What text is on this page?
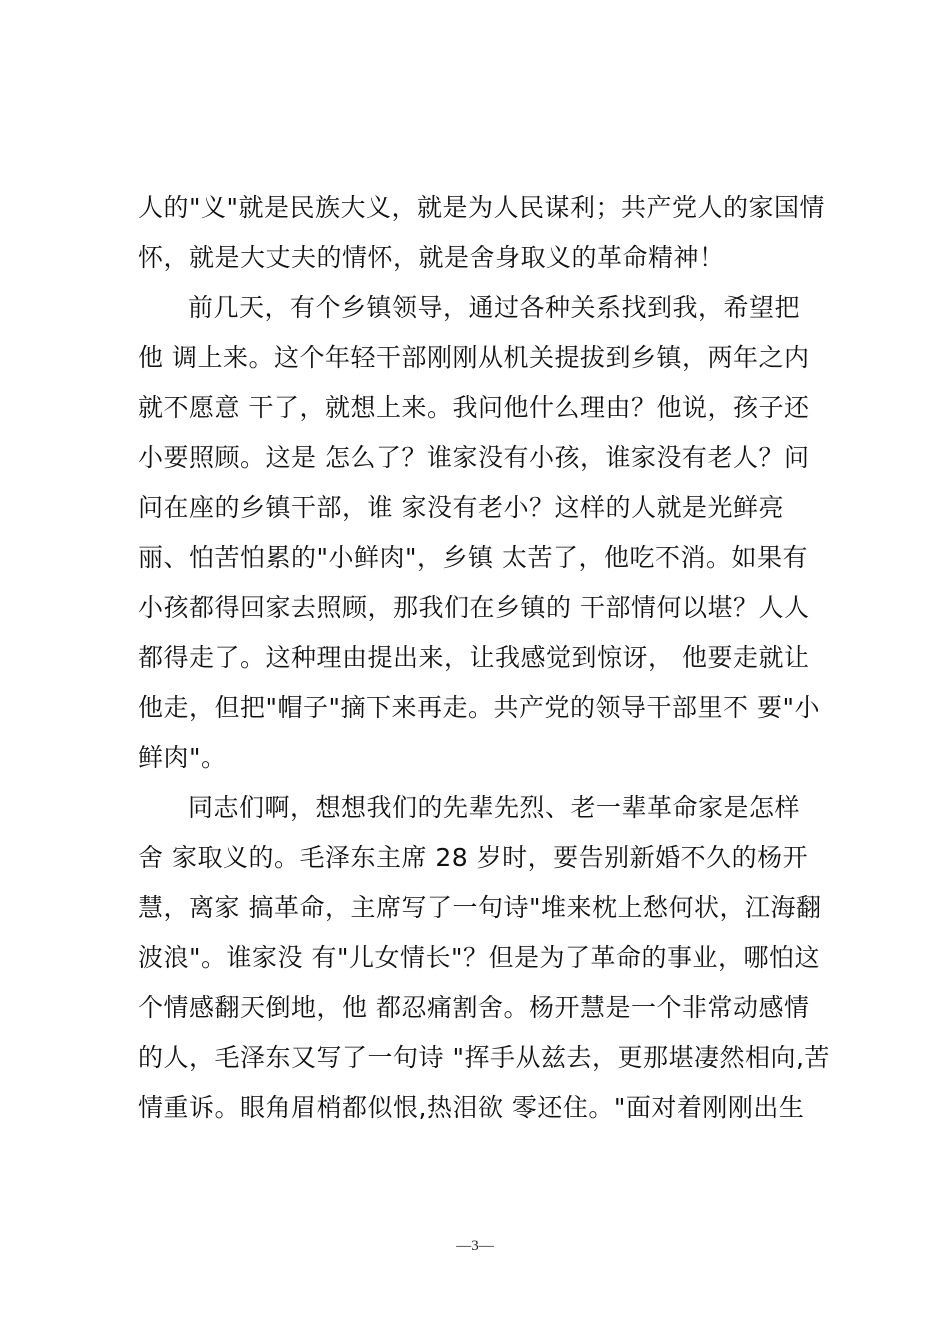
人的"义"就是民族大义，就是为人民谋利；共产党人的家国情
怀，就是大丈夫的情怀，就是舍身取义的革命精神！
前几天，有个乡镇领导，通过各种关系找到我，希望把
他 调上来。这个年轻干部刚刚从机关提拔到乡镇，两年之内
就不愿意 干了，就想上来。我问他什么理由？他说，孩子还
小要照顾。这是 怎么了？谁家没有小孩，谁家没有老人？问
问在座的乡镇干部，谁 家没有老小？这样的人就是光鲜亮
丽、怕苦怕累的"小鲜肉"，乡镇 太苦了，他吃不消。如果有
小孩都得回家去照顾，那我们在乡镇的 干部情何以堪？人人
都得走了。这种理由提出来，让我感觉到惊讶， 他要走就让
他走，但把"帽子"摘下来再走。共产党的领导干部里不 要"小
鲜肉"。
同志们啊，想想我们的先辈先烈、老一辈革命家是怎样
舍 家取义的。毛泽东主席 28 岁时，要告别新婚不久的杨开
慧，离家 搞革命，主席写了一句诗"堆来枕上愁何状，江海翻
波浪"。谁家没 有"儿女情长"？但是为了革命的事业，哪怕这
个情感翻天倒地，他 都忍痛割舍。杨开慧是一个非常动感情
的人，毛泽东又写了一句诗 "挥手从兹去，更那堪凄然相向,苦
情重诉。眼角眉梢都似恨,热泪欲 零还住。"面对着刚刚出生
—3—
